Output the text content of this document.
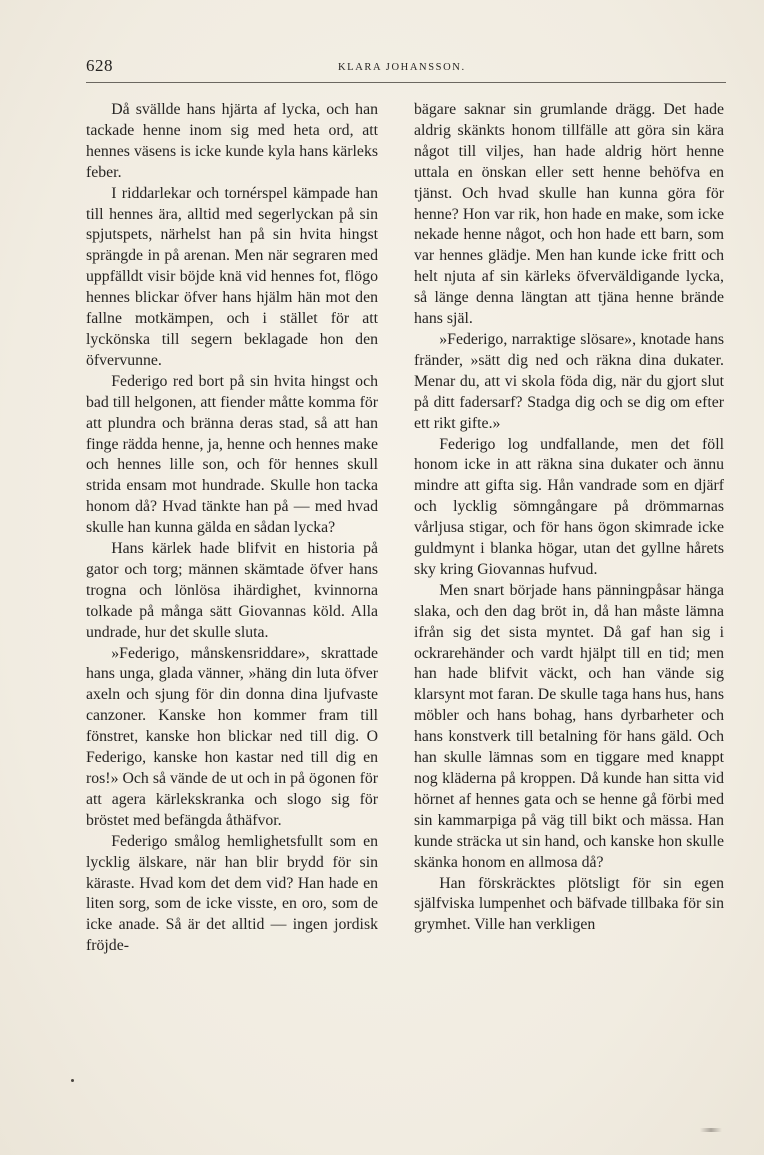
628	KLARA JOHANSSON.

Då svällde hans hjärta af lycka, och han tackade henne inom sig med heta ord, att hennes väsens is icke kunde kyla hans kärleks feber.

I riddarlekar och tornérspel kämpade han till hennes ära, alltid med segerlyckan på sin spjutspets, närhelst han på sin hvita hingst sprängde in på arenan. Men när segraren med uppfälldt visir böjde knä vid hennes fot, flögo hennes blickar öfver hans hjälm hän mot den fallne motkämpen, och i stället för att lyckönska till segern beklagade hon den öfvervunne.

Federigo red bort på sin hvita hingst och bad till helgonen, att fiender måtte komma för att plundra och bränna deras stad, så att han finge rädda henne, ja, henne och hennes make och hennes lille son, och för hennes skull strida ensam mot hundrade. Skulle hon tacka honom då? Hvad tänkte han på — med hvad skulle han kunna gälda en sådan lycka?

Hans kärlek hade blifvit en historia på gator och torg; männen skämtade öfver hans trogna och lönlösa ihärdighet, kvinnorna tolkade på många sätt Giovannas köld. Alla undrade, hur det skulle sluta.

»Federigo, månskensriddare», skrattade hans unga, glada vänner, »häng din luta öfver axeln och sjung för din donna dina ljufvaste canzoner. Kanske hon kommer fram till fönstret, kanske hon blickar ned till dig. O Federigo, kanske hon kastar ned till dig en ros!» Och så vände de ut och in på ögonen för att agera kärlekskranka och slogo sig för bröstet med befängda åthäfvor.

Federigo smålog hemlighetsfullt som en lycklig älskare, när han blir brydd för sin käraste. Hvad kom det dem vid? Han hade en liten sorg, som de icke visste, en oro, som de icke anade. Så är det alltid — ingen jordisk fröjde-

bägare saknar sin grumlande drägg. Det hade aldrig skänkts honom tillfälle att göra sin kära något till viljes, han hade aldrig hört henne uttala en önskan eller sett henne behöfva en tjänst. Och hvad skulle han kunna göra för henne? Hon var rik, hon hade en make, som icke nekade henne något, och hon hade ett barn, som var hennes glädje. Men han kunde icke fritt och helt njuta af sin kärleks öfverväldigande lycka, så länge denna längtan att tjäna henne brände hans själ.

»Federigo, narraktige slösare», knotade hans fränder, »sätt dig ned och räkna dina dukater. Menar du, att vi skola föda dig, när du gjort slut på ditt fadersarf? Stadga dig och se dig om efter ett rikt gifte.»

Federigo log undfallande, men det föll honom icke in att räkna sina dukater och ännu mindre att gifta sig. Hån vandrade som en djärf och lycklig sömngångare på drömmarnas vårljusa stigar, och för hans ögon skimrade icke guldmynt i blanka högar, utan det gyllne hårets sky kring Giovannas hufvud.

Men snart började hans pänningpåsar hänga slaka, och den dag bröt in, då han måste lämna ifrån sig det sista myntet. Då gaf han sig i ockrarehänder och vardt hjälpt till en tid; men han hade blifvit väckt, och han vände sig klarsynt mot faran. De skulle taga hans hus, hans möbler och hans bohag, hans dyrbarheter och hans konstverk till betalning för hans gäld. Och han skulle lämnas som en tiggare med knappt nog kläderna på kroppen. Då kunde han sitta vid hörnet af hennes gata och se henne gå förbi med sin kammarpiga på väg till bikt och mässa. Han kunde sträcka ut sin hand, och kanske hon skulle skänka honom en allmosa då?

Han förskräcktes plötsligt för sin egen själfviska lumpenhet och bäfvade tillbaka för sin grymhet. Ville han verkligen
